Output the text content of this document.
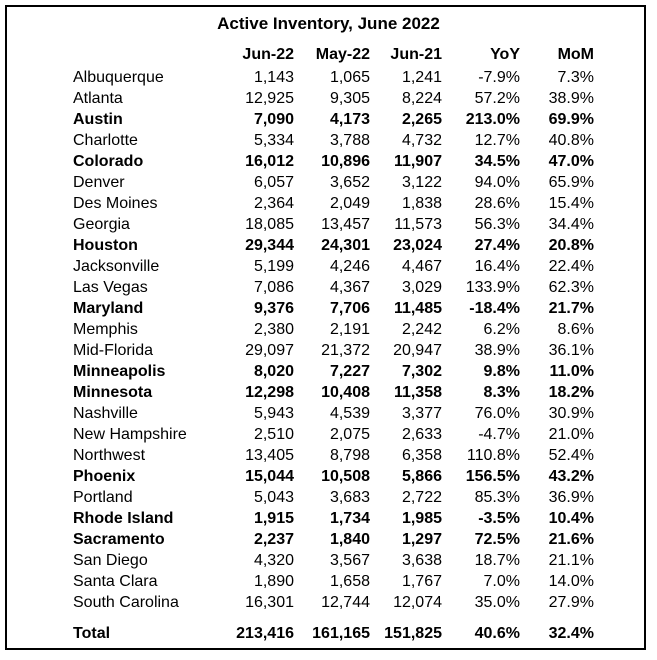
Active Inventory, June 2022
	Jun-22	May-22	Jun-21	YoY	MoM
Albuquerque	1,143	1,065	1,241	-7.9%	7.3%
Atlanta	12,925	9,305	8,224	57.2%	38.9%
Austin	7,090	4,173	2,265	213.0%	69.9%
Charlotte	5,334	3,788	4,732	12.7%	40.8%
Colorado	16,012	10,896	11,907	34.5%	47.0%
Denver	6,057	3,652	3,122	94.0%	65.9%
Des Moines	2,364	2,049	1,838	28.6%	15.4%
Georgia	18,085	13,457	11,573	56.3%	34.4%
Houston	29,344	24,301	23,024	27.4%	20.8%
Jacksonville	5,199	4,246	4,467	16.4%	22.4%
Las Vegas	7,086	4,367	3,029	133.9%	62.3%
Maryland	9,376	7,706	11,485	-18.4%	21.7%
Memphis	2,380	2,191	2,242	6.2%	8.6%
Mid-Florida	29,097	21,372	20,947	38.9%	36.1%
Minneapolis	8,020	7,227	7,302	9.8%	11.0%
Minnesota	12,298	10,408	11,358	8.3%	18.2%
Nashville	5,943	4,539	3,377	76.0%	30.9%
New Hampshire	2,510	2,075	2,633	-4.7%	21.0%
Northwest	13,405	8,798	6,358	110.8%	52.4%
Phoenix	15,044	10,508	5,866	156.5%	43.2%
Portland	5,043	3,683	2,722	85.3%	36.9%
Rhode Island	1,915	1,734	1,985	-3.5%	10.4%
Sacramento	2,237	1,840	1,297	72.5%	21.6%
San Diego	4,320	3,567	3,638	18.7%	21.1%
Santa Clara	1,890	1,658	1,767	7.0%	14.0%
South Carolina	16,301	12,744	12,074	35.0%	27.9%
Total	213,416	161,165	151,825	40.6%	32.4%
